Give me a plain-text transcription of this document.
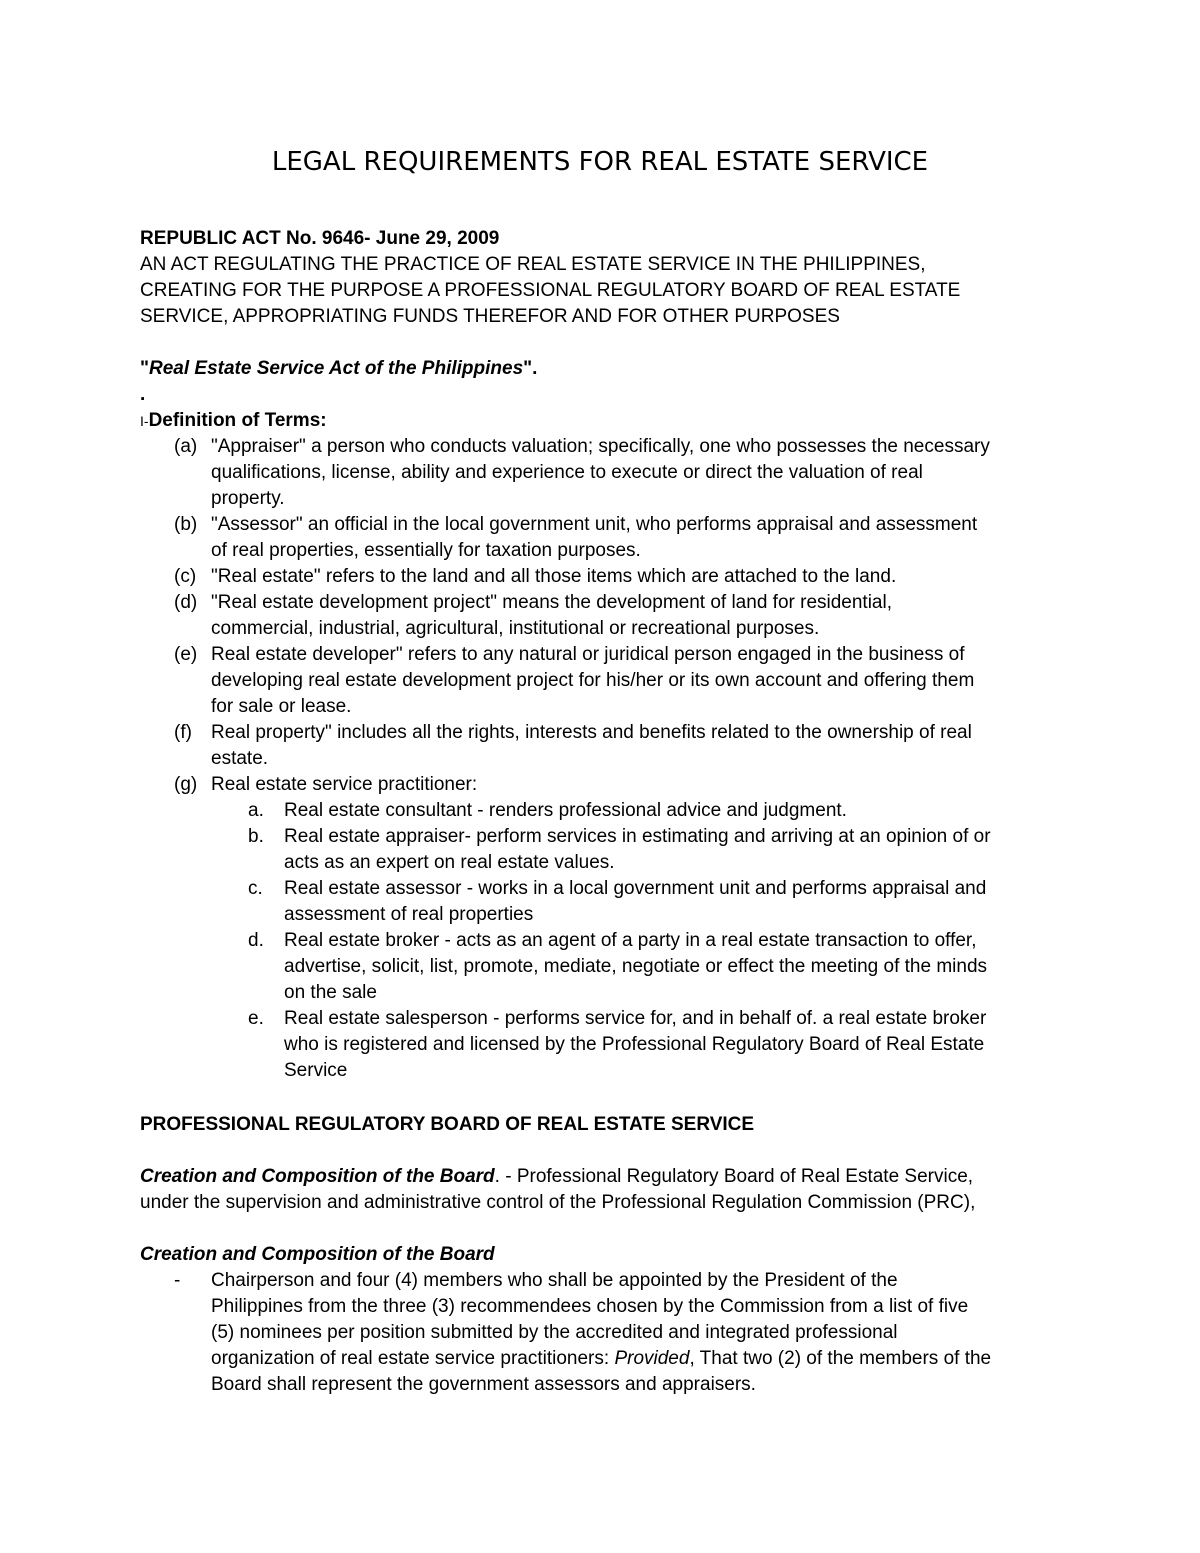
LEGAL REQUIREMENTS FOR REAL ESTATE SERVICE
REPUBLIC ACT No. 9646- June 29, 2009
AN ACT REGULATING THE PRACTICE OF REAL ESTATE SERVICE IN THE PHILIPPINES,
CREATING FOR THE PURPOSE A PROFESSIONAL REGULATORY BOARD OF REAL ESTATE
SERVICE, APPROPRIATING FUNDS THEREFOR AND FOR OTHER PURPOSES
"Real Estate Service Act of the Philippines".
.
I-Definition of Terms:
(a) "Appraiser" a person who conducts valuation; specifically, one who possesses the necessary
qualifications, license, ability and experience to execute or direct the valuation of real
property.
(b) "Assessor" an official in the local government unit, who performs appraisal and assessment
of real properties, essentially for taxation purposes.
(c) "Real estate" refers to the land and all those items which are attached to the land.
(d) "Real estate development project" means the development of land for residential,
commercial, industrial, agricultural, institutional or recreational purposes.
(e) Real estate developer" refers to any natural or juridical person engaged in the business of
developing real estate development project for his/her or its own account and offering them
for sale or lease.
(f) Real property" includes all the rights, interests and benefits related to the ownership of real
estate.
(g) Real estate service practitioner:
a. Real estate consultant - renders professional advice and judgment.
b. Real estate appraiser- perform services in estimating and arriving at an opinion of or
acts as an expert on real estate values.
c. Real estate assessor - works in a local government unit and performs appraisal and
assessment of real properties
d. Real estate broker - acts as an agent of a party in a real estate transaction to offer,
advertise, solicit, list, promote, mediate, negotiate or effect the meeting of the minds
on the sale
e. Real estate salesperson - performs service for, and in behalf of. a real estate broker
who is registered and licensed by the Professional Regulatory Board of Real Estate
Service
PROFESSIONAL REGULATORY BOARD OF REAL ESTATE SERVICE
Creation and Composition of the Board. - Professional Regulatory Board of Real Estate Service,
under the supervision and administrative control of the Professional Regulation Commission (PRC),
Creation and Composition of the Board
- Chairperson and four (4) members who shall be appointed by the President of the
Philippines from the three (3) recommendees chosen by the Commission from a list of five
(5) nominees per position submitted by the accredited and integrated professional
organization of real estate service practitioners: Provided, That two (2) of the members of the
Board shall represent the government assessors and appraisers.
